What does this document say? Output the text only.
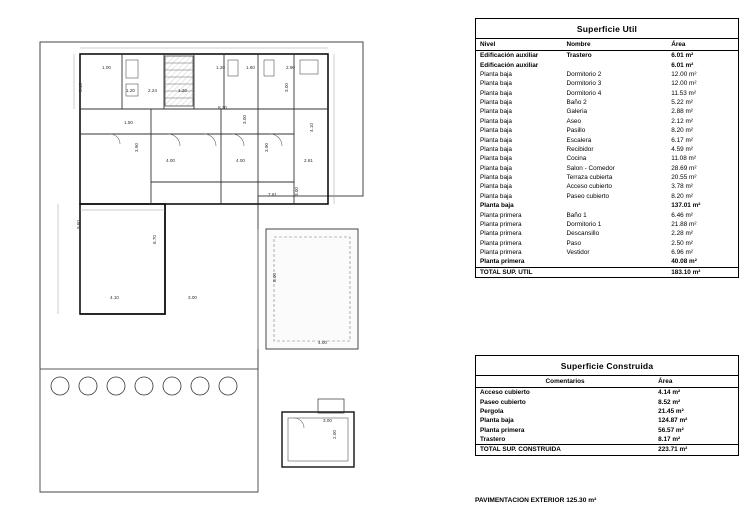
1.00	1.20	1.60	2.90
5.15	1.20	2.24	1.20	3.00
8.20
1.50	3.00
4.10
3.90
4.00	4.00
3.90
2.81
7.61	3.00
9.60
8.70
8.00
4.10	3.00
4.00
3.00
2.00
Superficie Util
Nivel	Nombre	Área
Edificación auxiliar	Trastero	6.01 m²
Edificación auxiliar		6.01 m²
Planta baja	Dormitorio 2	12.00 m²
Planta baja	Dormitorio 3	12.00 m²
Planta baja	Dormitorio 4	11.53 m²
Planta baja	Baño 2	5.22 m²
Planta baja	Galeria	2.88 m²
Planta baja	Aseo	2.12 m²
Planta baja	Pasillo	8.20 m²
Planta baja	Escalera	6.17 m²
Planta baja	Recibidor	4.59 m²
Planta baja	Cocina	11.08 m²
Planta baja	Salon - Comedor	28.69 m²
Planta baja	Terraza cubierta	20.55 m²
Planta baja	Acceso cubierto	3.78 m²
Planta baja	Paseo cubierto	8.20 m²
Planta baja		137.01 m²
Planta primera	Baño 1	6.46 m²
Planta primera	Dormitorio 1	21.88 m²
Planta primera	Descansillo	2.28 m²
Planta primera	Paso	2.50 m²
Planta primera	Vestidor	6.96 m²
Planta primera		40.08 m²
TOTAL SUP. UTIL		183.10 m²
Superficie Construida
Comentarios	Área
Acceso cubierto	4.14 m²
Paseo cubierto	8.52 m²
Pergola	21.45 m²
Planta baja	124.87 m²
Planta primera	56.57 m²
Trastero	8.17 m²
TOTAL SUP. CONSTRUIDA	223.71 m²
PAVIMENTACION EXTERIOR 125.30 m²
